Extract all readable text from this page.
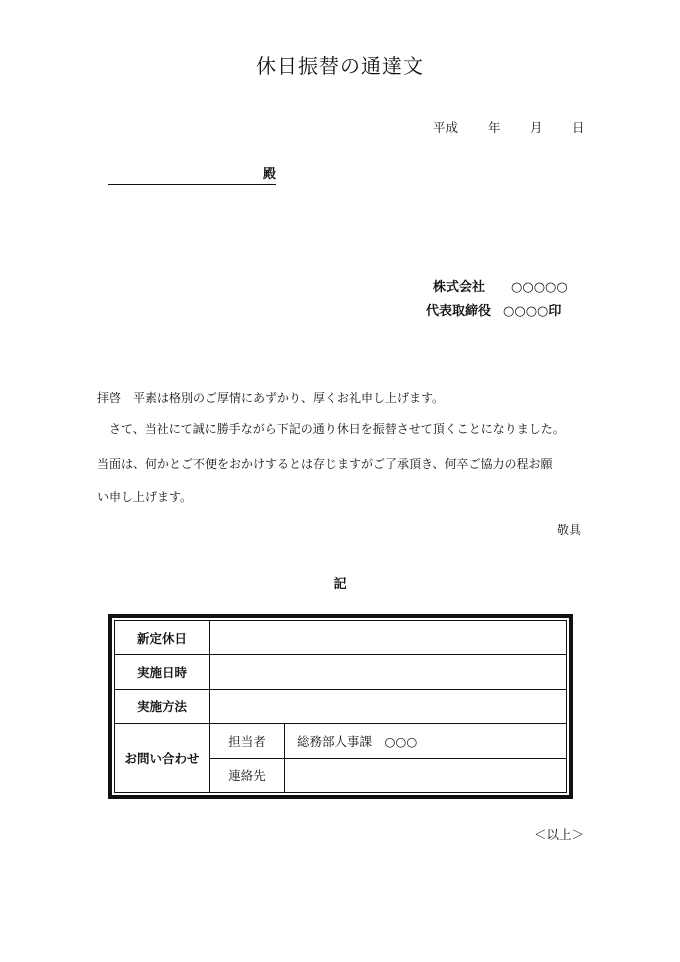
休日振替の通達文
平成 年 月 日
殿
株式会社 ○○○○○
代表取締役 ○○○○印
拝啓　平素は格別のご厚情にあずかり、厚くお礼申し上げます。
　さて、当社にて誠に勝手ながら下記の通り休日を振替させて頂くことになりました。
当面は、何かとご不便をおかけするとは存じますがご了承頂き、何卒ご協力の程お願
い申し上げます。
敬具
記
新定休日		
実施日時		
実施方法		
お問い合わせ	担当者	総務部人事課　○○○
	連絡先	
＜以上＞
